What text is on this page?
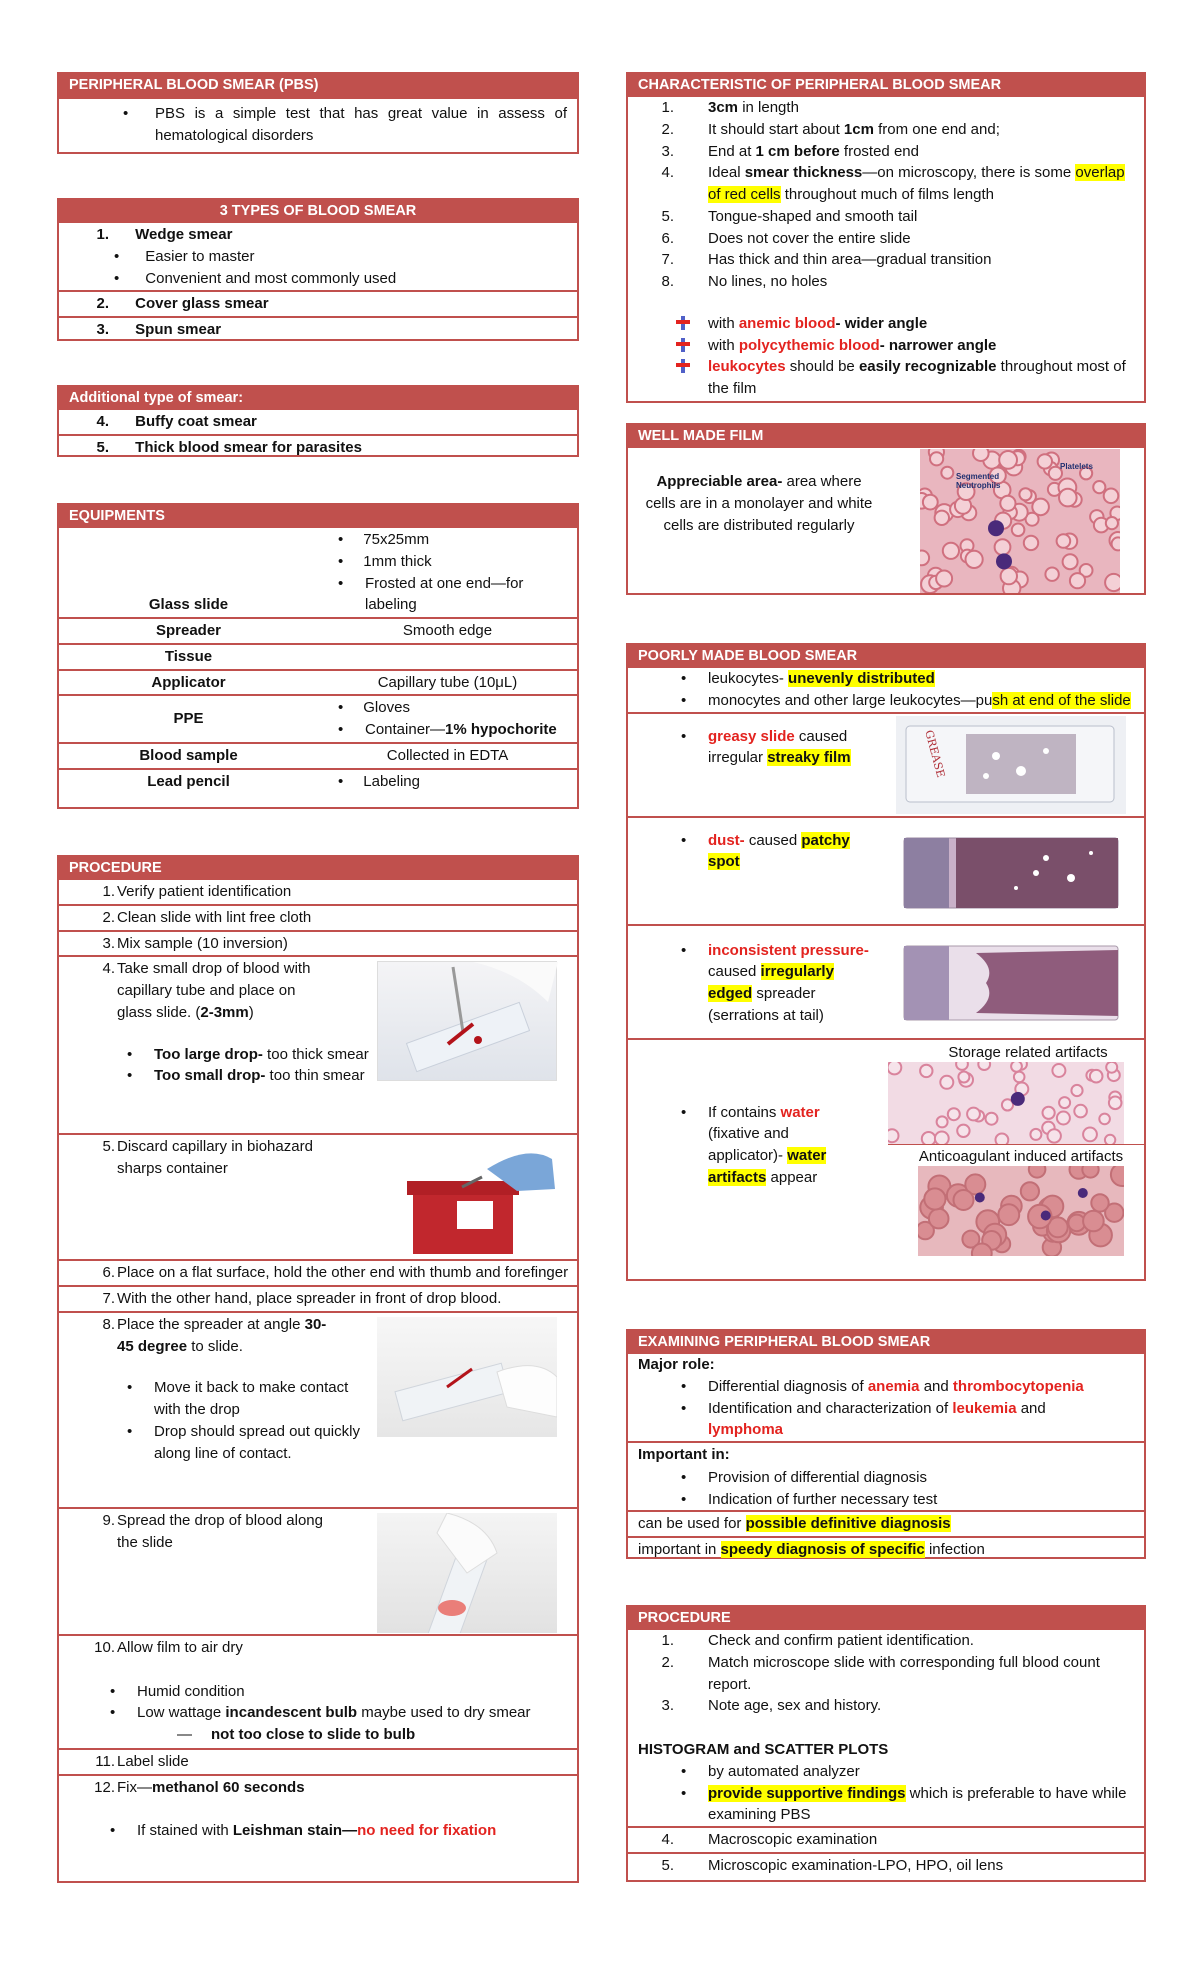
PERIPHERAL BLOOD SMEAR (PBS)
• PBS is a simple test that has great value in assess of hematological disorders
3 TYPES OF BLOOD SMEAR
1. Wedge smear
• Easier to master
• Convenient and most commonly used
2. Cover glass smear
3. Spun smear
Additional type of smear:
4. Buffy coat smear
5. Thick blood smear for parasites
EQUIPMENTS
Glass slide	• 75x25mm
• 1mm thick
• Frosted at one end—for labeling

Spreader	Smooth edge
Tissue	
Applicator	Capillary tube (10μL)
PPE	• Gloves
• Container—1% hypochorite

Blood sample	Collected in EDTA
Lead pencil	• Labeling
PROCEDURE
1. Verify patient identification
2. Clean slide with lint free cloth
3. Mix sample (10 inversion)
4. Take small drop of blood with capillary tube and place on glass slide. (2-3mm)
• Too large drop- too thick smear
• Too small drop- too thin smear
5. Discard capillary in biohazard sharps container
6. Place on a flat surface, hold the other end with thumb and forefinger
7. With the other hand, place spreader in front of drop blood.
8. Place the spreader at angle 30-45 degree to slide.
• Move it back to make contact with the drop
• Drop should spread out quickly along line of contact.
9. Spread the drop of blood along the slide
10. Allow film to air dry
• Humid condition
• Low wattage incandescent bulb maybe used to dry smear
— not too close to slide to bulb
11. Label slide
12. Fix—methanol 60 seconds
• If stained with Leishman stain—no need for fixation
CHARACTERISTIC OF PERIPHERAL BLOOD SMEAR
1. 3cm in length
2. It should start about 1cm from one end and;
3. End at 1 cm before frosted end
4. Ideal smear thickness—on microscopy, there is some overlap of red cells throughout much of films length
5. Tongue-shaped and smooth tail
6. Does not cover the entire slide
7. Has thick and thin area—gradual transition
8. No lines, no holes
with anemic blood- wider angle
with polycythemic blood- narrower angle
leukocytes should be easily recognizable throughout most of the film
WELL MADE FILM
Appreciable area- area where cells are in a monolayer and white cells are distributed regularly
Segmented Neutrophils
Platelets
POORLY MADE BLOOD SMEAR
• leukocytes- unevenly distributed
• monocytes and other large leukocytes—push at end of the slide
• greasy slide caused irregular streaky film	GREASE
• dust- caused patchy spot
• inconsistent pressure- caused irregularly edged spreader (serrations at tail)
Storage related artifacts
Anticoagulant induced artifacts
• If contains water (fixative and applicator)- water artifacts appear
EXAMINING PERIPHERAL BLOOD SMEAR
Major role:
• Differential diagnosis of anemia and thrombocytopenia
• Identification and characterization of leukemia and
lymphoma
Important in:
• Provision of differential diagnosis
• Indication of further necessary test
can be used for possible definitive diagnosis
important in speedy diagnosis of specific infection
PROCEDURE
1. Check and confirm patient identification.
2. Match microscope slide with corresponding full blood count report.
3. Note age, sex and history.
HISTOGRAM and SCATTER PLOTS
• by automated analyzer
• provide supportive findings which is preferable to have while examining PBS
4. Macroscopic examination
5. Microscopic examination-LPO, HPO, oil lens
